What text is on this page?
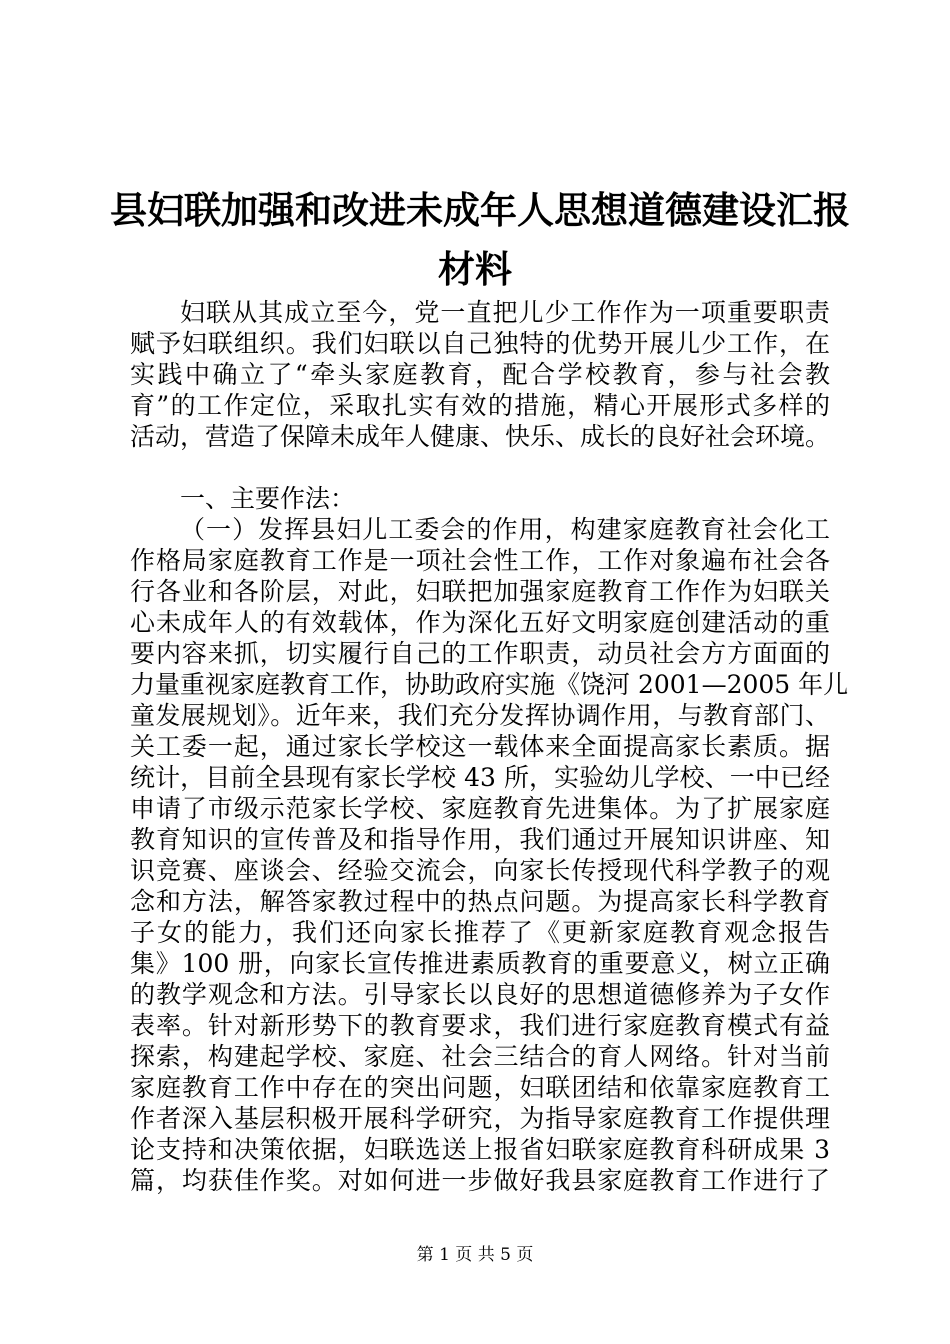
县妇联加强和改进未成年人思想道德建设汇报
材料
妇联从其成立至今，党一直把儿少工作作为一项重要职责
赋予妇联组织。我们妇联以自己独特的优势开展儿少工作，在
实践中确立了“牵头家庭教育，配合学校教育，参与社会教
育”的工作定位，采取扎实有效的措施，精心开展形式多样的
活动，营造了保障未成年人健康、快乐、成长的良好社会环境。
一、主要作法：
（一）发挥县妇儿工委会的作用，构建家庭教育社会化工
作格局家庭教育工作是一项社会性工作，工作对象遍布社会各
行各业和各阶层，对此，妇联把加强家庭教育工作作为妇联关
心未成年人的有效载体，作为深化五好文明家庭创建活动的重
要内容来抓，切实履行自己的工作职责，动员社会方方面面的
力量重视家庭教育工作，协助政府实施《饶河 2001—2005 年儿
童发展规划》。近年来，我们充分发挥协调作用，与教育部门、
关工委一起，通过家长学校这一载体来全面提高家长素质。据
统计，目前全县现有家长学校 43 所，实验幼儿学校、一中已经
申请了市级示范家长学校、家庭教育先进集体。为了扩展家庭
教育知识的宣传普及和指导作用，我们通过开展知识讲座、知
识竞赛、座谈会、经验交流会，向家长传授现代科学教子的观
念和方法，解答家教过程中的热点问题。为提高家长科学教育
子女的能力，我们还向家长推荐了《更新家庭教育观念报告
集》100 册，向家长宣传推进素质教育的重要意义，树立正确
的教学观念和方法。引导家长以良好的思想道德修养为子女作
表率。针对新形势下的教育要求，我们进行家庭教育模式有益
探索，构建起学校、家庭、社会三结合的育人网络。针对当前
家庭教育工作中存在的突出问题，妇联团结和依靠家庭教育工
作者深入基层积极开展科学研究，为指导家庭教育工作提供理
论支持和决策依据，妇联选送上报省妇联家庭教育科研成果 3
篇，均获佳作奖。对如何进一步做好我县家庭教育工作进行了
第 1 页 共 5 页
